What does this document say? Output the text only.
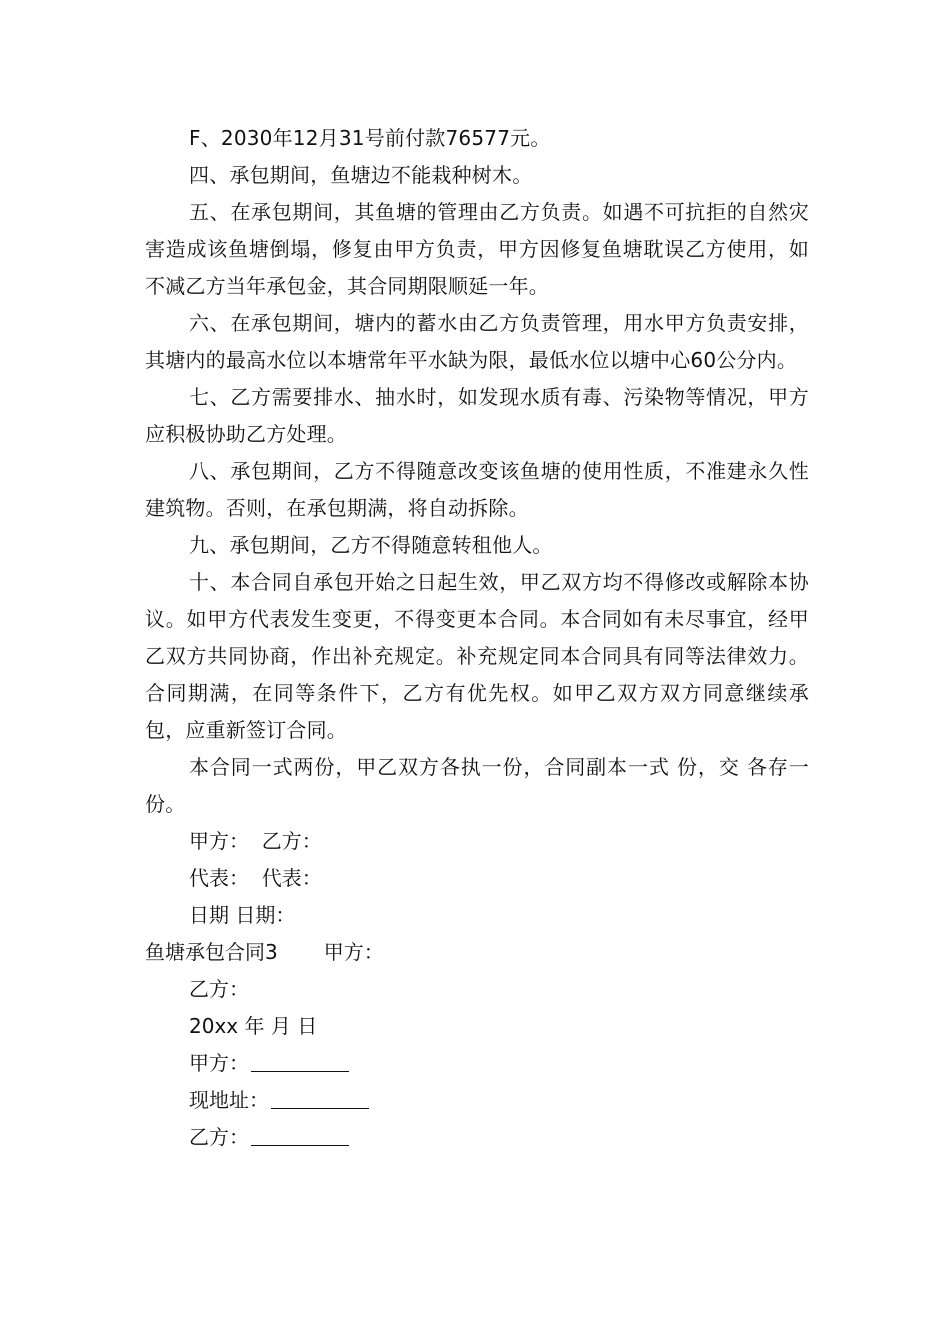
F、2030年12月31号前付款76577元。

四、承包期间，鱼塘边不能栽种树木。

五、在承包期间，其鱼塘的管理由乙方负责。如遇不可抗拒的自然灾害造成该鱼塘倒塌，修复由甲方负责，甲方因修复鱼塘耽误乙方使用，如不减乙方当年承包金，其合同期限顺延一年。

六、在承包期间，塘内的蓄水由乙方负责管理，用水甲方负责安排，其塘内的最高水位以本塘常年平水缺为限，最低水位以塘中心60公分内。

七、乙方需要排水、抽水时，如发现水质有毒、污染物等情况，甲方应积极协助乙方处理。

八、承包期间，乙方不得随意改变该鱼塘的使用性质，不准建永久性建筑物。否则，在承包期满，将自动拆除。

九、承包期间，乙方不得随意转租他人。

十、本合同自承包开始之日起生效，甲乙双方均不得修改或解除本协议。如甲方代表发生变更，不得变更本合同。本合同如有未尽事宜，经甲乙双方共同协商，作出补充规定。补充规定同本合同具有同等法律效力。合同期满，在同等条件下，乙方有优先权。如甲乙双方双方同意继续承包，应重新签订合同。

本合同一式两份，甲乙双方各执一份，合同副本一式 份，交 各存一份。

甲方：  乙方：

代表：  代表：

日期 日期：

鱼塘承包合同3 甲方：

乙方：

20xx 年 月 日

甲方：

现地址：

乙方：
